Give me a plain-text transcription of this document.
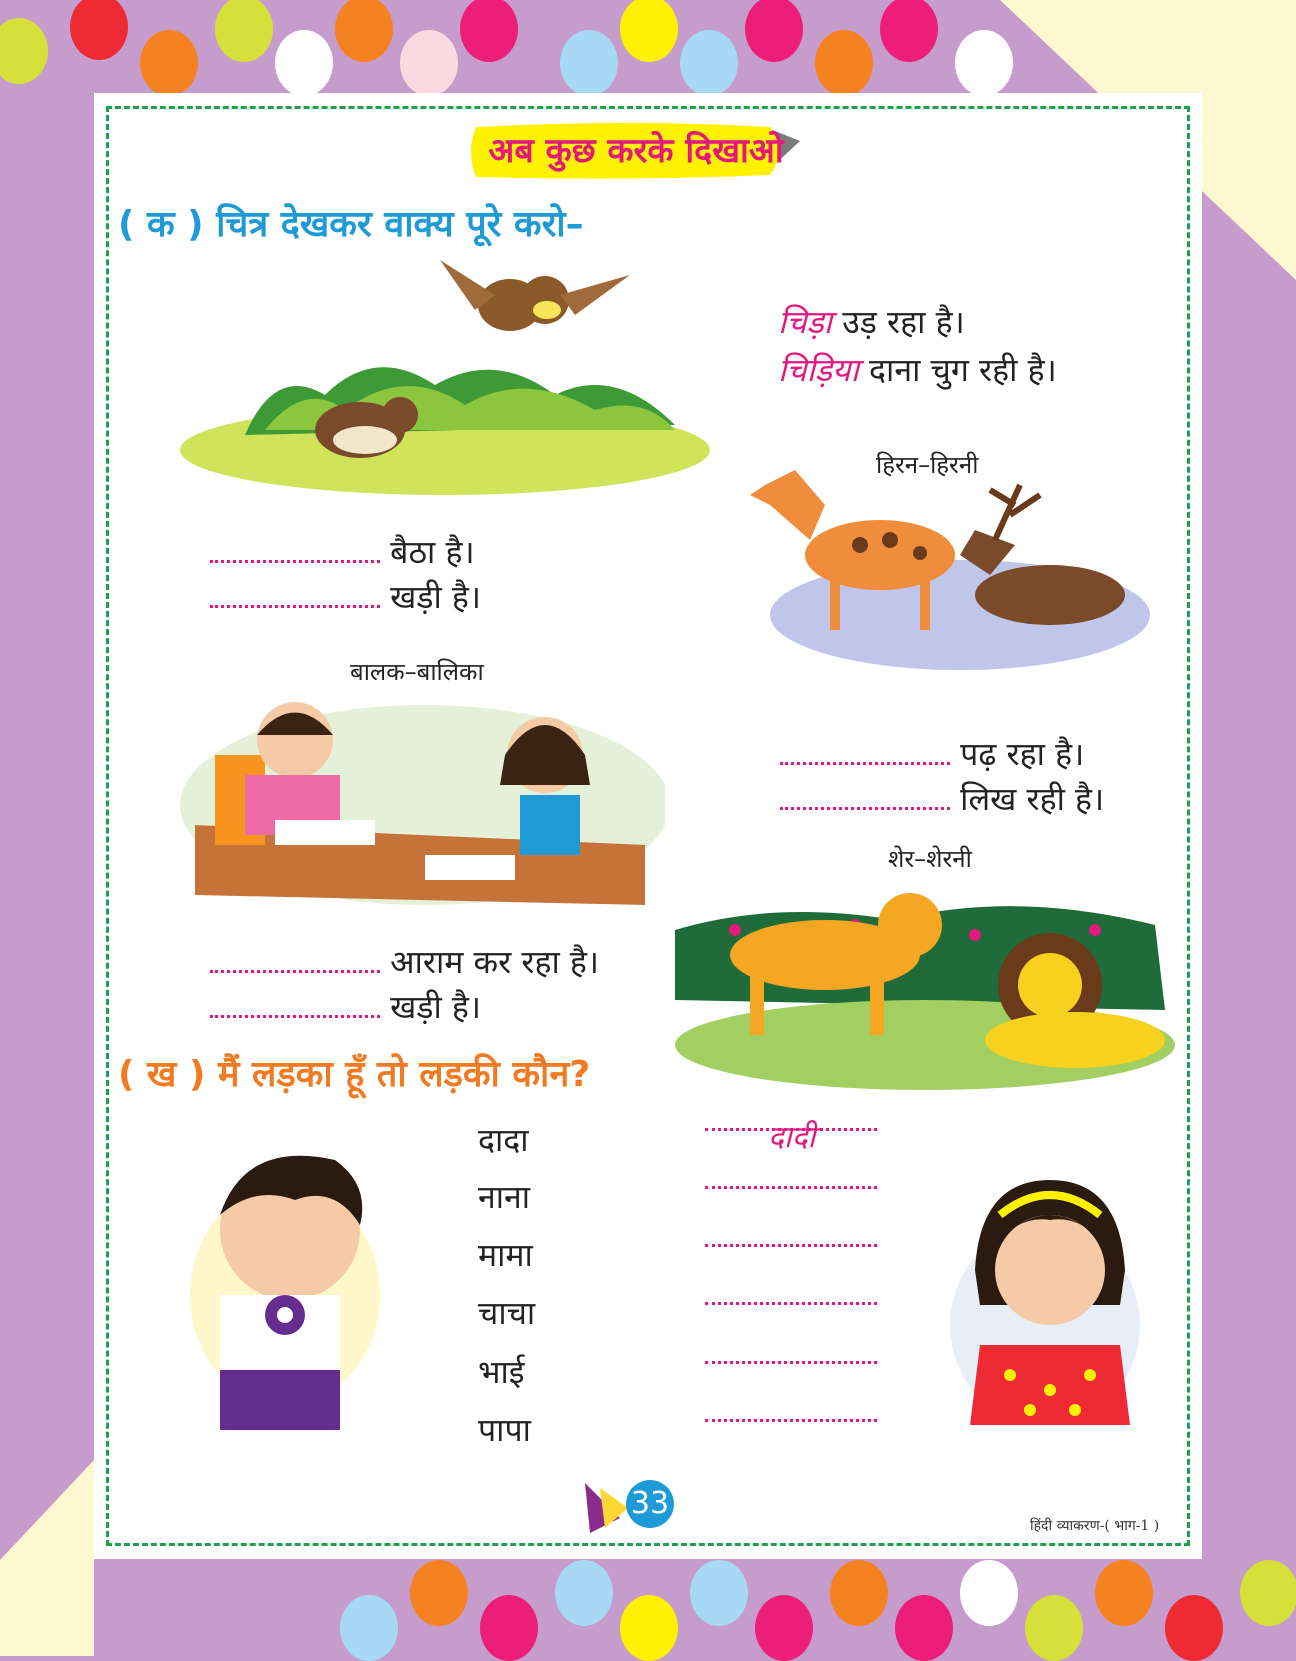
अब कुछ करके दिखाओ
( क ) चित्र देखकर वाक्य पूरे करो–
चिड़ा उड़ रहा है।
चिड़िया दाना चुग रही है।
हिरन–हिरनी
बैठा है।
खड़ी है।
बालक–बालिका
पढ़ रहा है।
लिख रही है।
शेर–शेरनी
आराम कर रहा है।
खड़ी है।
( ख ) मैं लड़का हूँ तो लड़की कौन?
दादा
नाना
मामा
चाचा
भाई
पापा
दादी
33
हिंदी व्याकरण-( भाग-1 )
